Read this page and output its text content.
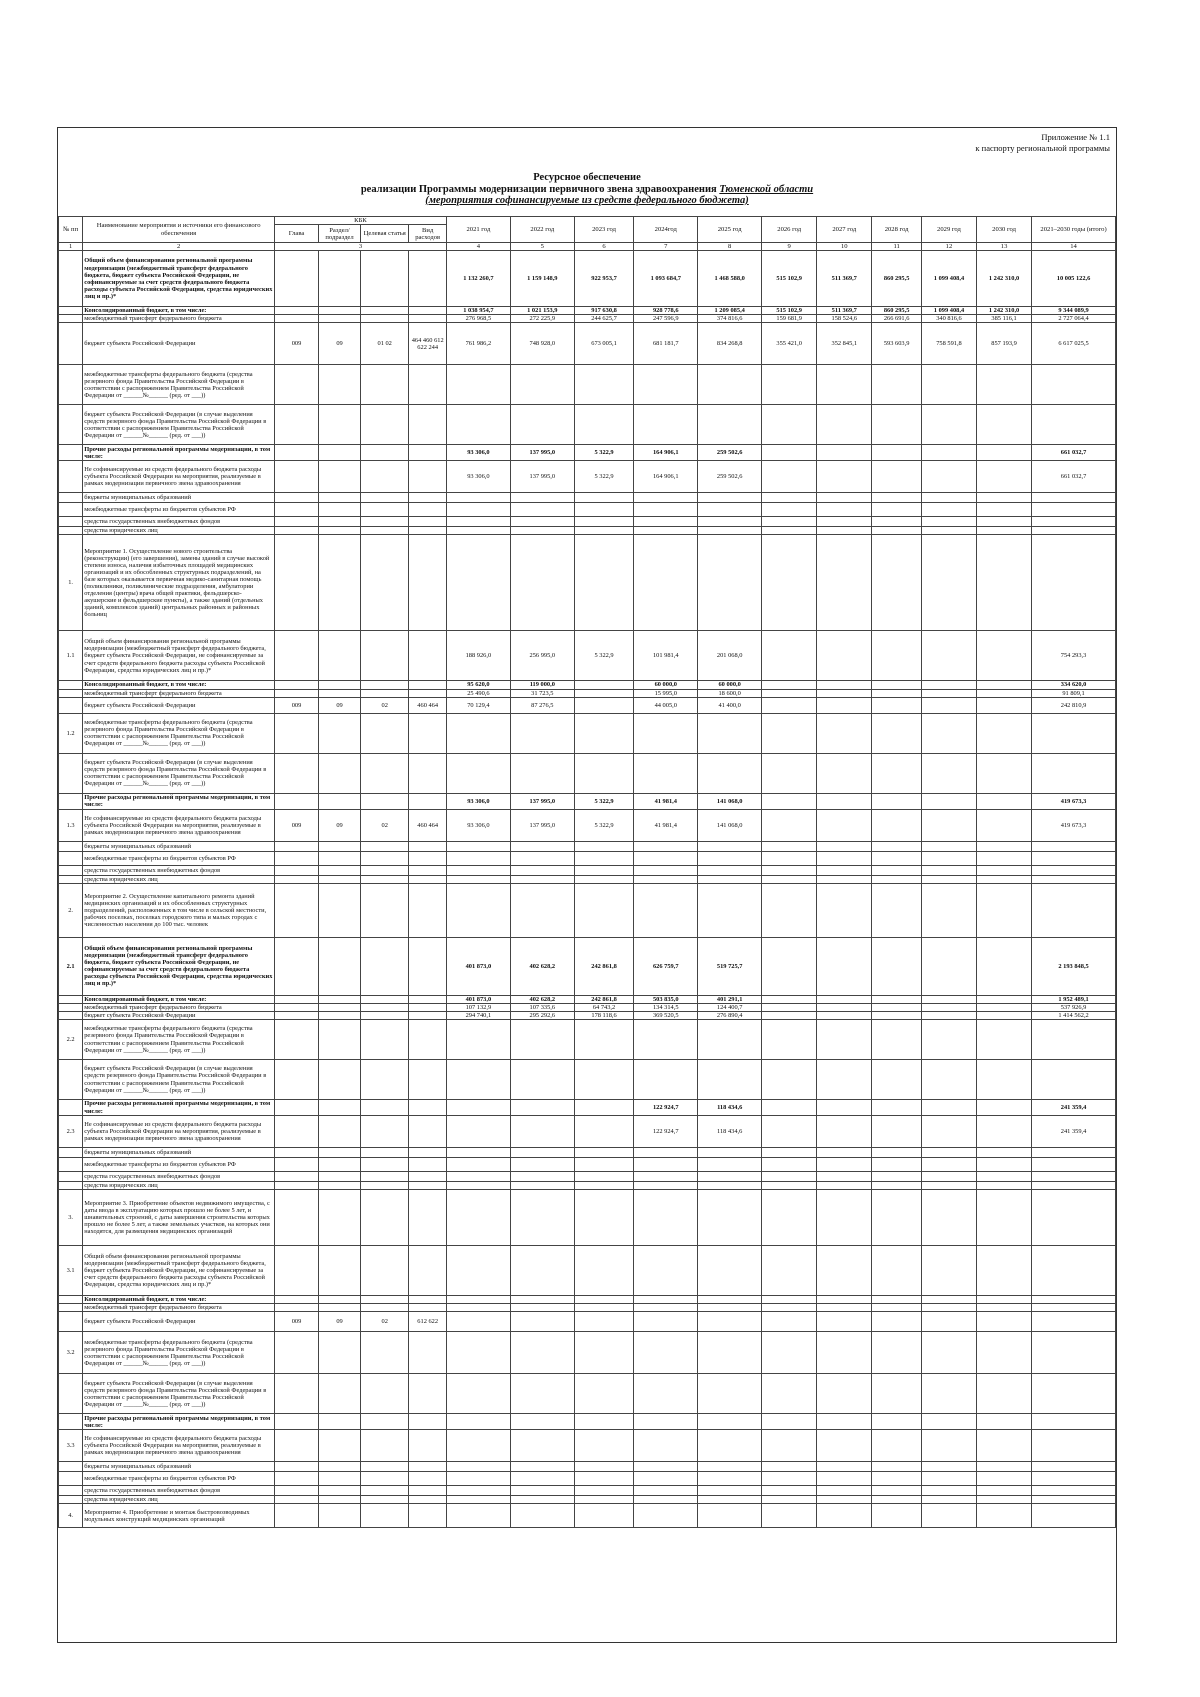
Приложение № 1.1
к паспорту региональной программы
Ресурсное обеспечение
реализации Программы модернизации первичного звена здравоохранения Тюменской области
(мероприятия софинансируемые из средств федерального бюджета)
№ пп	Наименование мероприятия и источники его финансового обеспечения	КБК				2021 год	2022 год	2023 год	2024год	2025 год	2026 год	2027 год	2028 год	2029 год	2030 год	2021–2030 годы (итого)
		Глава	Раздел/ подраздел	Целевая статья	Вид расходов											
1	2	3				4	5	6	7	8	9	10	11	12	13	14
	Общий объем финансирования региональной программы модернизации (межбюджетный трансферт федерального бюджета, бюджет субъекта Российской Федерации, не софинансируемые за счет средств федерального бюджета расходы субъекта Российской Федерации, средства юридических лиц и пр.)*					1 132 260,7	1 159 148,9	922 953,7	1 093 684,7	1 468 588,0	515 102,9	511 369,7	860 295,5	1 099 408,4	1 242 310,0	10 005 122,6
	Консолидированный бюджет, в том числе:					1 038 954,7	1 021 153,9	917 630,8	928 778,6	1 209 085,4	515 102,9	511 369,7	860 295,5	1 099 408,4	1 242 310,0	9 344 089,9
	межбюджетный трансферт федерального бюджета					276 968,5	272 225,9	244 625,7	247 596,9	374 816,6	159 681,9	158 524,6	266 691,6	340 816,6	385 116,1	2 727 064,4
	бюджет субъекта Российской Федерации	009	09	01 02	464 460 612 622 244	761 986,2	748 928,0	673 005,1	681 181,7	834 268,8	355 421,0	352 845,1	593 603,9	758 591,8	857 193,9	6 617 025,5
	межбюджетные трансферты федерального бюджета (средства резервного фонда Правительства Российской Федерации в соответствии с распоряжением Правительства Российской Федерации от ______№______ (ред. от ___))															
	бюджет субъекта Российской Федерации (в случае выделения средств резервного фонда Правительства Российской Федерации в соответствии с распоряжением Правительства Российской Федерации от ______№______ (ред. от ___))															
	Прочие расходы региональной программы модернизации, в том числе:					93 306,0	137 995,0	5 322,9	164 906,1	259 502,6						661 032,7
	Не софинансируемые из средств федерального бюджета расходы субъекта Российской Федерации на мероприятия, реализуемые в рамках модернизации первичного звена здравоохранения					93 306,0	137 995,0	5 322,9	164 906,1	259 502,6						661 032,7
	бюджеты муниципальных образований															
	межбюджетные трансферты из бюджетов субъектов РФ															
	средства государственных внебюджетных фондов															
	средства юридических лиц															
1.	Мероприятие 1. Осуществление нового строительства (реконструкции) (его завершения), замены зданий в случае высокой степени износа, наличия избыточных площадей медицинских организаций и их обособленных структурных подразделений, на базе которых оказывается первичная медико-санитарная помощь (поликлиники, поликлинические подразделения, амбулатории отделения (центры) врача общей практики, фельдшерско-акушерские и фельдшерские пункты), а также зданий (отдельных зданий, комплексов зданий) центральных районных и районных больниц															
1.1	Общий объем финансирования региональной программы модернизации (межбюджетный трансферт федерального бюджета, бюджет субъекта Российской Федерации, не софинансируемые за счет средств федерального бюджета расходы субъекта Российской Федерации, средства юридических лиц и пр.)*					188 926,0	256 995,0	5 322,9	101 981,4	201 068,0						754 293,3
	Консолидированный бюджет, в том числе:					95 620,0	119 000,0		60 000,0	60 000,0						334 620,0
	межбюджетный трансферт федерального бюджета					25 490,6	31 723,5		15 995,0	18 600,0						91 809,1
	бюджет субъекта Российской Федерации	009	09	02	460 464	70 129,4	87 276,5		44 005,0	41 400,0						242 810,9
1.2	межбюджетные трансферты федерального бюджета (средства резервного фонда Правительства Российской Федерации в соответствии с распоряжением Правительства Российской Федерации от ______№______ (ред. от ___))															
	бюджет субъекта Российской Федерации (в случае выделения средств резервного фонда Правительства Российской Федерации в соответствии с распоряжением Правительства Российской Федерации от ______№______ (ред. от ___))															
	Прочие расходы региональной программы модернизации, в том числе:					93 306,0	137 995,0	5 322,9	41 981,4	141 068,0						419 673,3
1.3	Не софинансируемые из средств федерального бюджета расходы субъекта Российской Федерации на мероприятия, реализуемые в рамках модернизации первичного звена здравоохранения	009	09	02	460 464	93 306,0	137 995,0	5 322,9	41 981,4	141 068,0						419 673,3
	бюджеты муниципальных образований															
	межбюджетные трансферты из бюджетов субъектов РФ															
	средства государственных внебюджетных фондов															
	средства юридических лиц															
2.	Мероприятие 2. Осуществление капитального ремонта зданий медицинских организаций и их обособленных структурных подразделений, расположенных в том числе в сельской местности, рабочих поселках, поселках городского типа и малых городах с численностью населения до 100 тыс. человек															
2.1	Общий объем финансирования региональной программы модернизации (межбюджетный трансферт федерального бюджета, бюджет субъекта Российской Федерации, не софинансируемые за счет средств федерального бюджета расходы субъекта Российской Федерации, средства юридических лиц и пр.)*					401 873,0	402 628,2	242 861,8	626 759,7	519 725,7						2 193 848,5
	Консолидированный бюджет, в том числе:					401 873,0	402 628,2	242 861,8	503 835,0	401 291,1						1 952 489,1
	межбюджетный трансферт федерального бюджета					107 132,9	107 335,6	64 743,2	134 314,5	124 400,7						537 926,9
	бюджет субъекта Российской Федерации					294 740,1	295 292,6	178 118,6	369 520,5	276 890,4						1 414 562,2
2.2	межбюджетные трансферты федерального бюджета (средства резервного фонда Правительства Российской Федерации в соответствии с распоряжением Правительства Российской Федерации от ______№______ (ред. от ___))															
	бюджет субъекта Российской Федерации (в случае выделения средств резервного фонда Правительства Российской Федерации в соответствии с распоряжением Правительства Российской Федерации от ______№______ (ред. от ___))															
	Прочие расходы региональной программы модернизации, в том числе:								122 924,7	118 434,6						241 359,4
2.3	Не софинансируемые из средств федерального бюджета расходы субъекта Российской Федерации на мероприятия, реализуемые в рамках модернизации первичного звена здравоохранения								122 924,7	118 434,6						241 359,4
	бюджеты муниципальных образований															
	межбюджетные трансферты из бюджетов субъектов РФ															
	средства государственных внебюджетных фондов															
	средства юридических лиц															
3.	Мероприятие 3. Приобретение объектов недвижимого имущества, с даты ввода в эксплуатацию которых прошло не более 5 лет, и шнавительных строений, с даты завершения строительства которых прошло не более 5 лет, а также земельных участков, на которых они находятся, для размещения медицинских организаций															
3.1	Общий объем финансирования региональной программы модернизации (межбюджетный трансферт федерального бюджета, бюджет субъекта Российской Федерации, не софинансируемые за счет средств федерального бюджета расходы субъекта Российской Федерации, средства юридических лиц и пр.)*															
	Консолидированный бюджет, в том числе:															
	межбюджетный трансферт федерального бюджета															
	бюджет субъекта Российской Федерации	009	09	02	612 622											
3.2	межбюджетные трансферты федерального бюджета (средства резервного фонда Правительства Российской Федерации в соответствии с распоряжением Правительства Российской Федерации от ______№______ (ред. от ___))															
	бюджет субъекта Российской Федерации (в случае выделения средств резервного фонда Правительства Российской Федерации в соответствии с распоряжением Правительства Российской Федерации от ______№______ (ред. от ___))															
	Прочие расходы региональной программы модернизации, в том числе:															
3.3	Не софинансируемые из средств федерального бюджета расходы субъекта Российской Федерации на мероприятия, реализуемые в рамках модернизации первичного звена здравоохранения															
	бюджеты муниципальных образований															
	межбюджетные трансферты из бюджетов субъектов РФ															
	средства государственных внебюджетных фондов															
	средства юридических лиц															
4.	Мероприятие 4. Приобретение и монтаж быстровозводимых модульных конструкций медицинских организаций															
